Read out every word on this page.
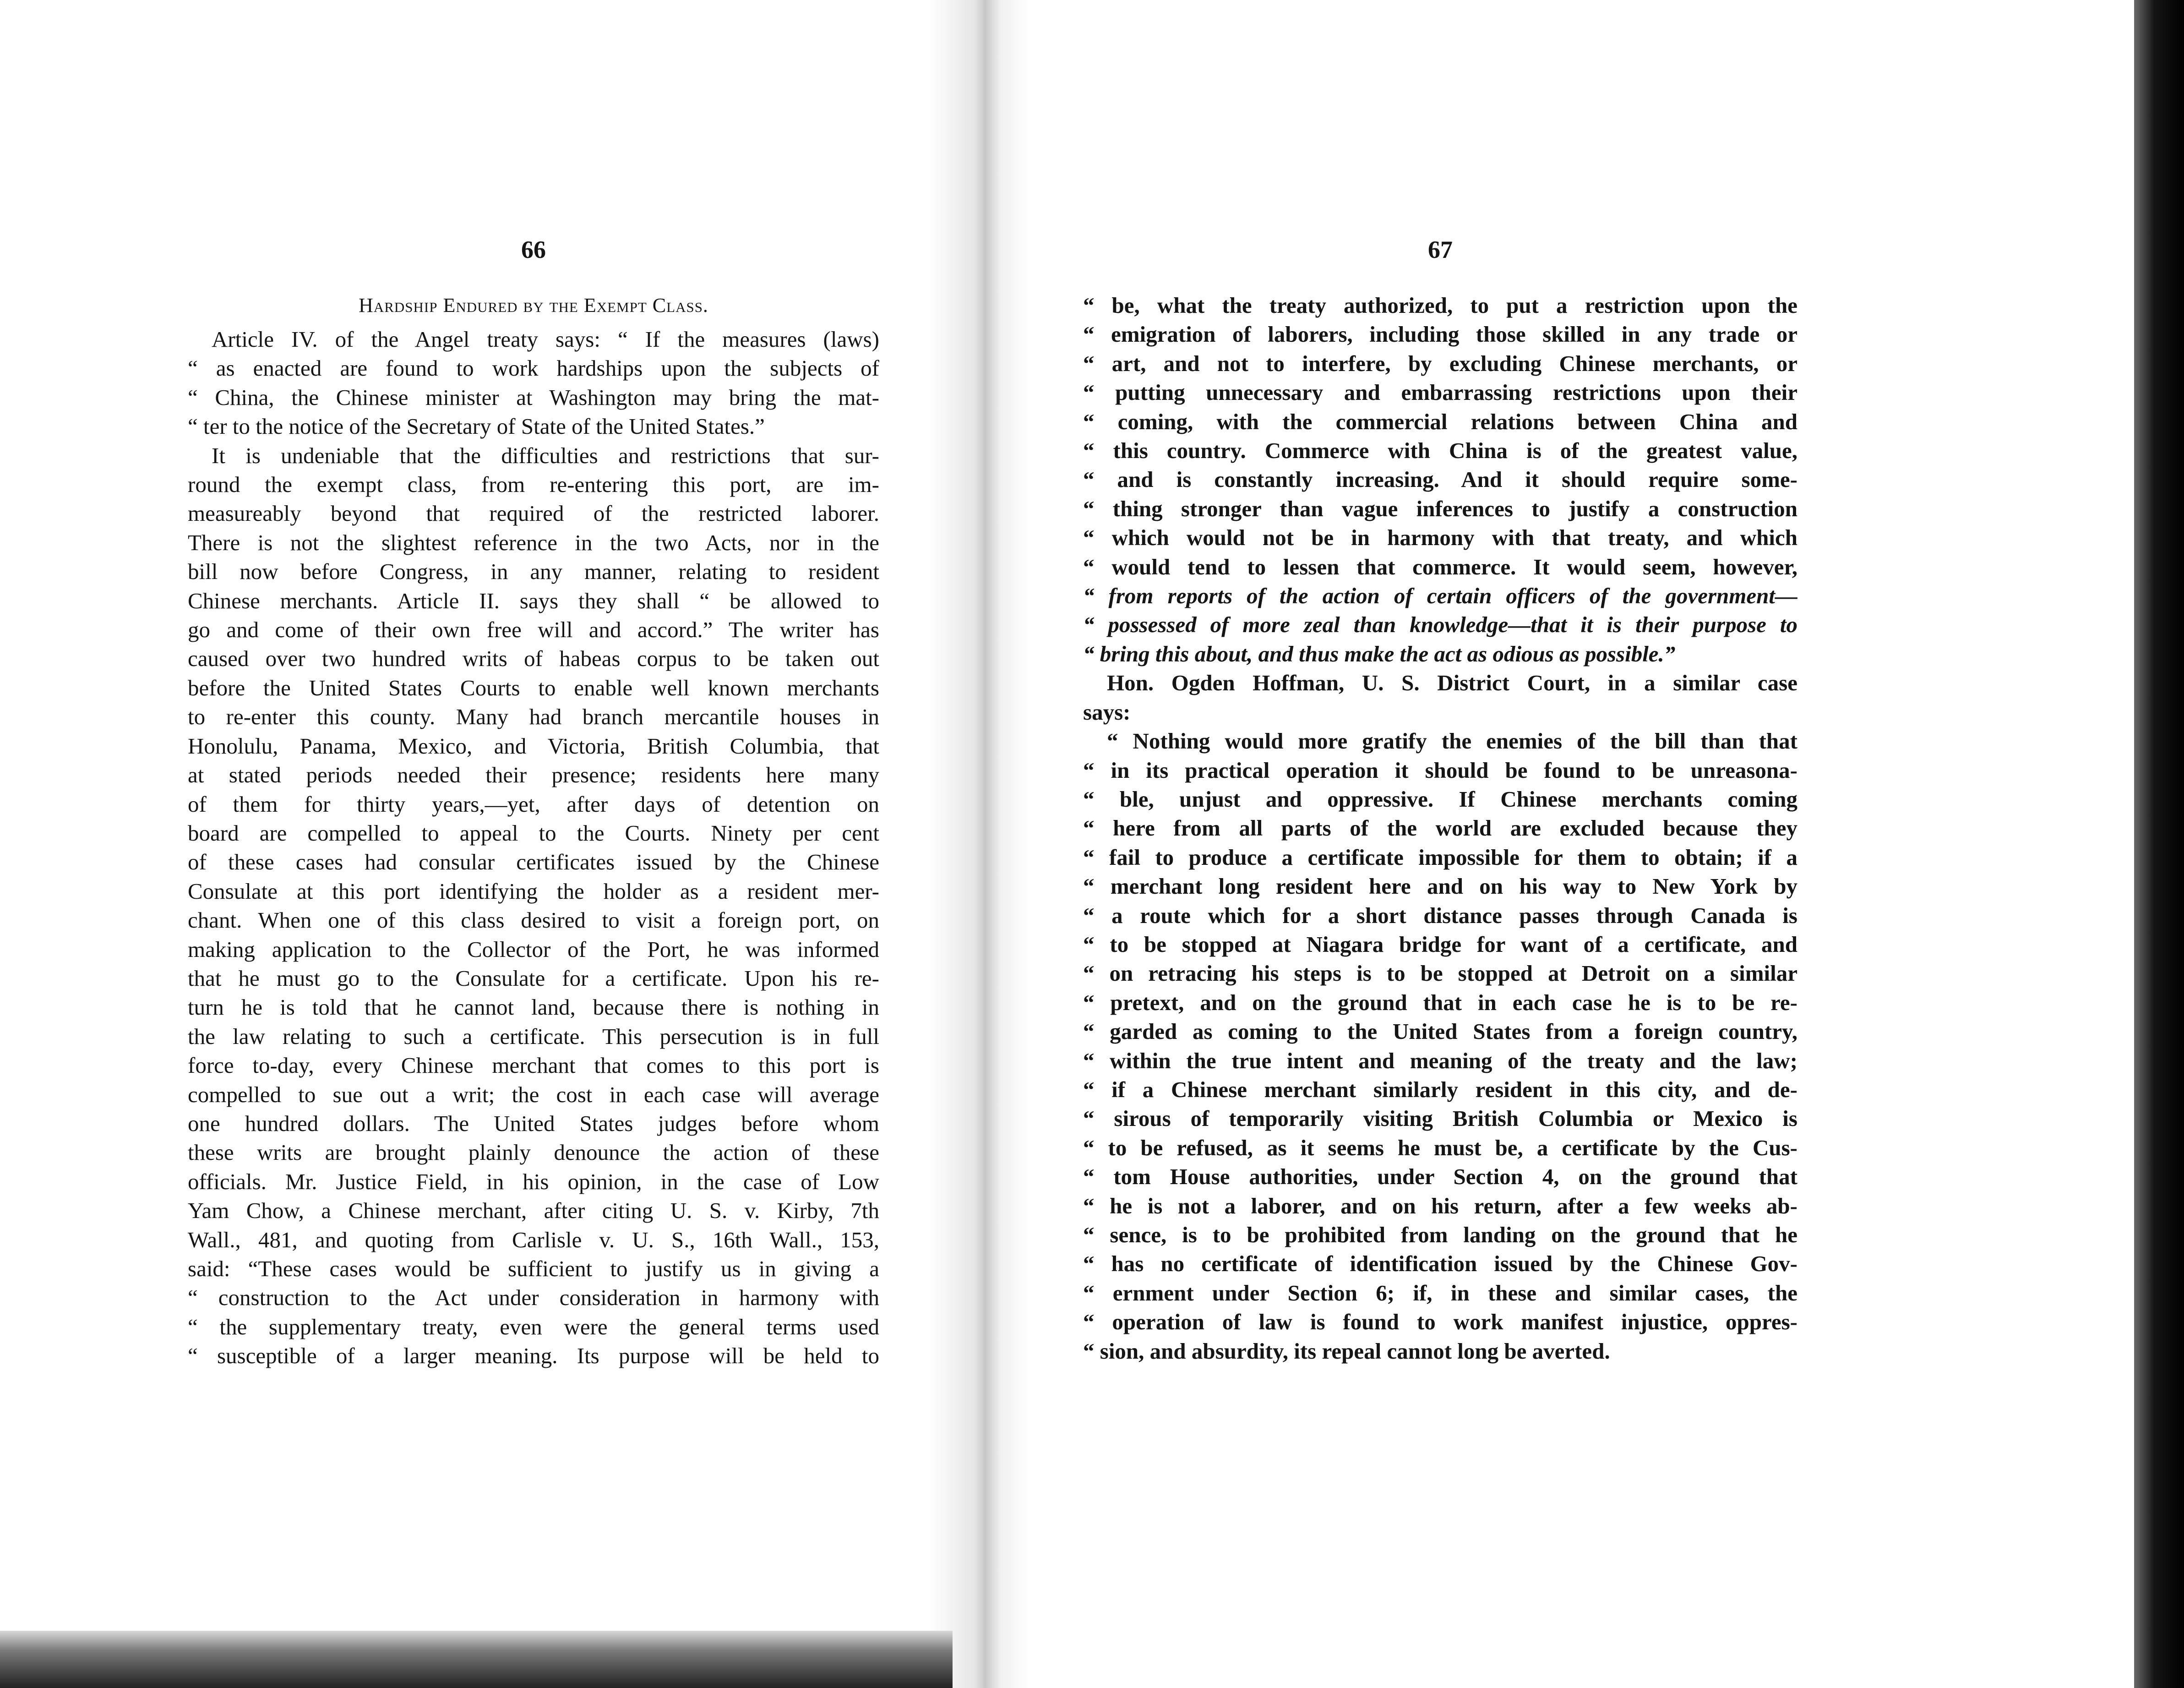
66
Hardship Endured by the Exempt Class.
Article IV. of the Angel treaty says: “ If the measures (laws)
“ as enacted are found to work hardships upon the subjects of
“ China, the Chinese minister at Washington may bring the mat-
“ ter to the notice of the Secretary of State of the United States.”
It is undeniable that the difficulties and restrictions that sur-
round the exempt class, from re-entering this port, are im-
measureably beyond that required of the restricted laborer.
There is not the slightest reference in the two Acts, nor in the
bill now before Congress, in any manner, relating to resident
Chinese merchants. Article II. says they shall “ be allowed to
go and come of their own free will and accord.” The writer has
caused over two hundred writs of habeas corpus to be taken out
before the United States Courts to enable well known merchants
to re-enter this county. Many had branch mercantile houses in
Honolulu, Panama, Mexico, and Victoria, British Columbia, that
at stated periods needed their presence; residents here many
of them for thirty years,—yet, after days of detention on
board are compelled to appeal to the Courts. Ninety per cent
of these cases had consular certificates issued by the Chinese
Consulate at this port identifying the holder as a resident mer-
chant. When one of this class desired to visit a foreign port, on
making application to the Collector of the Port, he was informed
that he must go to the Consulate for a certificate. Upon his re-
turn he is told that he cannot land, because there is nothing in
the law relating to such a certificate. This persecution is in full
force to-day, every Chinese merchant that comes to this port is
compelled to sue out a writ; the cost in each case will average
one hundred dollars. The United States judges before whom
these writs are brought plainly denounce the action of these
officials. Mr. Justice Field, in his opinion, in the case of Low
Yam Chow, a Chinese merchant, after citing U. S. v. Kirby, 7th
Wall., 481, and quoting from Carlisle v. U. S., 16th Wall., 153,
said: “These cases would be sufficient to justify us in giving a
“ construction to the Act under consideration in harmony with
“ the supplementary treaty, even were the general terms used
“ susceptible of a larger meaning. Its purpose will be held to
67
“ be, what the treaty authorized, to put a restriction upon the
“ emigration of laborers, including those skilled in any trade or
“ art, and not to interfere, by excluding Chinese merchants, or
“ putting unnecessary and embarrassing restrictions upon their
“ coming, with the commercial relations between China and
“ this country. Commerce with China is of the greatest value,
“ and is constantly increasing. And it should require some-
“ thing stronger than vague inferences to justify a construction
“ which would not be in harmony with that treaty, and which
“ would tend to lessen that commerce. It would seem, however,
“ from reports of the action of certain officers of the government—
“ possessed of more zeal than knowledge—that it is their purpose to
“ bring this about, and thus make the act as odious as possible.”
Hon. Ogden Hoffman, U. S. District Court, in a similar case
says:
“ Nothing would more gratify the enemies of the bill than that
“ in its practical operation it should be found to be unreasona-
“ ble, unjust and oppressive. If Chinese merchants coming
“ here from all parts of the world are excluded because they
“ fail to produce a certificate impossible for them to obtain; if a
“ merchant long resident here and on his way to New York by
“ a route which for a short distance passes through Canada is
“ to be stopped at Niagara bridge for want of a certificate, and
“ on retracing his steps is to be stopped at Detroit on a similar
“ pretext, and on the ground that in each case he is to be re-
“ garded as coming to the United States from a foreign country,
“ within the true intent and meaning of the treaty and the law;
“ if a Chinese merchant similarly resident in this city, and de-
“ sirous of temporarily visiting British Columbia or Mexico is
“ to be refused, as it seems he must be, a certificate by the Cus-
“ tom House authorities, under Section 4, on the ground that
“ he is not a laborer, and on his return, after a few weeks ab-
“ sence, is to be prohibited from landing on the ground that he
“ has no certificate of identification issued by the Chinese Gov-
“ ernment under Section 6; if, in these and similar cases, the
“ operation of law is found to work manifest injustice, oppres-
“ sion, and absurdity, its repeal cannot long be averted.
